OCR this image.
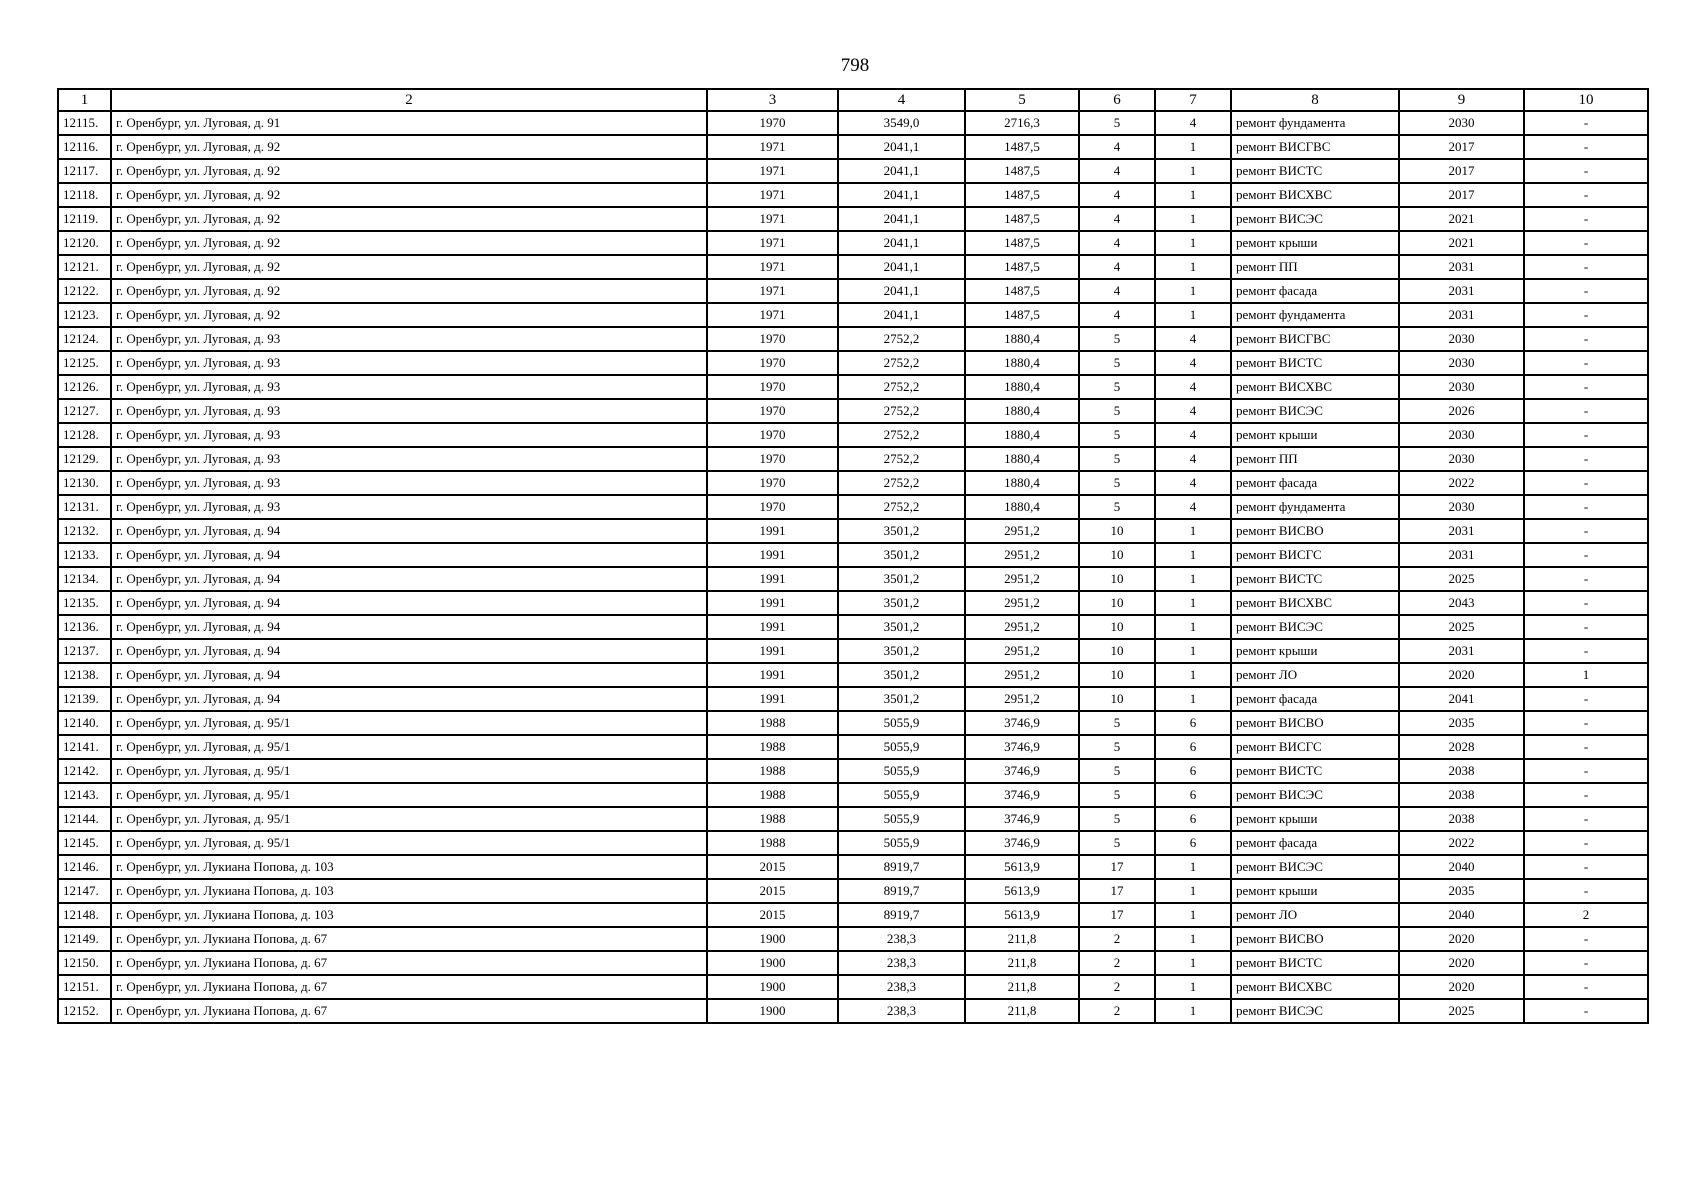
798
1	2	3	4	5	6	7	8	9	10
12115.	г. Оренбург, ул. Луговая, д. 91	1970	3549,0	2716,3	5	4	ремонт фундамента	2030	-
12116.	г. Оренбург, ул. Луговая, д. 92	1971	2041,1	1487,5	4	1	ремонт ВИСГВС	2017	-
12117.	г. Оренбург, ул. Луговая, д. 92	1971	2041,1	1487,5	4	1	ремонт ВИСТС	2017	-
12118.	г. Оренбург, ул. Луговая, д. 92	1971	2041,1	1487,5	4	1	ремонт ВИСХВС	2017	-
12119.	г. Оренбург, ул. Луговая, д. 92	1971	2041,1	1487,5	4	1	ремонт ВИСЭС	2021	-
12120.	г. Оренбург, ул. Луговая, д. 92	1971	2041,1	1487,5	4	1	ремонт крыши	2021	-
12121.	г. Оренбург, ул. Луговая, д. 92	1971	2041,1	1487,5	4	1	ремонт ПП	2031	-
12122.	г. Оренбург, ул. Луговая, д. 92	1971	2041,1	1487,5	4	1	ремонт фасада	2031	-
12123.	г. Оренбург, ул. Луговая, д. 92	1971	2041,1	1487,5	4	1	ремонт фундамента	2031	-
12124.	г. Оренбург, ул. Луговая, д. 93	1970	2752,2	1880,4	5	4	ремонт ВИСГВС	2030	-
12125.	г. Оренбург, ул. Луговая, д. 93	1970	2752,2	1880,4	5	4	ремонт ВИСТС	2030	-
12126.	г. Оренбург, ул. Луговая, д. 93	1970	2752,2	1880,4	5	4	ремонт ВИСХВС	2030	-
12127.	г. Оренбург, ул. Луговая, д. 93	1970	2752,2	1880,4	5	4	ремонт ВИСЭС	2026	-
12128.	г. Оренбург, ул. Луговая, д. 93	1970	2752,2	1880,4	5	4	ремонт крыши	2030	-
12129.	г. Оренбург, ул. Луговая, д. 93	1970	2752,2	1880,4	5	4	ремонт ПП	2030	-
12130.	г. Оренбург, ул. Луговая, д. 93	1970	2752,2	1880,4	5	4	ремонт фасада	2022	-
12131.	г. Оренбург, ул. Луговая, д. 93	1970	2752,2	1880,4	5	4	ремонт фундамента	2030	-
12132.	г. Оренбург, ул. Луговая, д. 94	1991	3501,2	2951,2	10	1	ремонт ВИСВО	2031	-
12133.	г. Оренбург, ул. Луговая, д. 94	1991	3501,2	2951,2	10	1	ремонт ВИСГС	2031	-
12134.	г. Оренбург, ул. Луговая, д. 94	1991	3501,2	2951,2	10	1	ремонт ВИСТС	2025	-
12135.	г. Оренбург, ул. Луговая, д. 94	1991	3501,2	2951,2	10	1	ремонт ВИСХВС	2043	-
12136.	г. Оренбург, ул. Луговая, д. 94	1991	3501,2	2951,2	10	1	ремонт ВИСЭС	2025	-
12137.	г. Оренбург, ул. Луговая, д. 94	1991	3501,2	2951,2	10	1	ремонт крыши	2031	-
12138.	г. Оренбург, ул. Луговая, д. 94	1991	3501,2	2951,2	10	1	ремонт ЛО	2020	1
12139.	г. Оренбург, ул. Луговая, д. 94	1991	3501,2	2951,2	10	1	ремонт фасада	2041	-
12140.	г. Оренбург, ул. Луговая, д. 95/1	1988	5055,9	3746,9	5	6	ремонт ВИСВО	2035	-
12141.	г. Оренбург, ул. Луговая, д. 95/1	1988	5055,9	3746,9	5	6	ремонт ВИСГС	2028	-
12142.	г. Оренбург, ул. Луговая, д. 95/1	1988	5055,9	3746,9	5	6	ремонт ВИСТС	2038	-
12143.	г. Оренбург, ул. Луговая, д. 95/1	1988	5055,9	3746,9	5	6	ремонт ВИСЭС	2038	-
12144.	г. Оренбург, ул. Луговая, д. 95/1	1988	5055,9	3746,9	5	6	ремонт крыши	2038	-
12145.	г. Оренбург, ул. Луговая, д. 95/1	1988	5055,9	3746,9	5	6	ремонт фасада	2022	-
12146.	г. Оренбург, ул. Лукиана Попова, д. 103	2015	8919,7	5613,9	17	1	ремонт ВИСЭС	2040	-
12147.	г. Оренбург, ул. Лукиана Попова, д. 103	2015	8919,7	5613,9	17	1	ремонт крыши	2035	-
12148.	г. Оренбург, ул. Лукиана Попова, д. 103	2015	8919,7	5613,9	17	1	ремонт ЛО	2040	2
12149.	г. Оренбург, ул. Лукиана Попова, д. 67	1900	238,3	211,8	2	1	ремонт ВИСВО	2020	-
12150.	г. Оренбург, ул. Лукиана Попова, д. 67	1900	238,3	211,8	2	1	ремонт ВИСТС	2020	-
12151.	г. Оренбург, ул. Лукиана Попова, д. 67	1900	238,3	211,8	2	1	ремонт ВИСХВС	2020	-
12152.	г. Оренбург, ул. Лукиана Попова, д. 67	1900	238,3	211,8	2	1	ремонт ВИСЭС	2025	-
